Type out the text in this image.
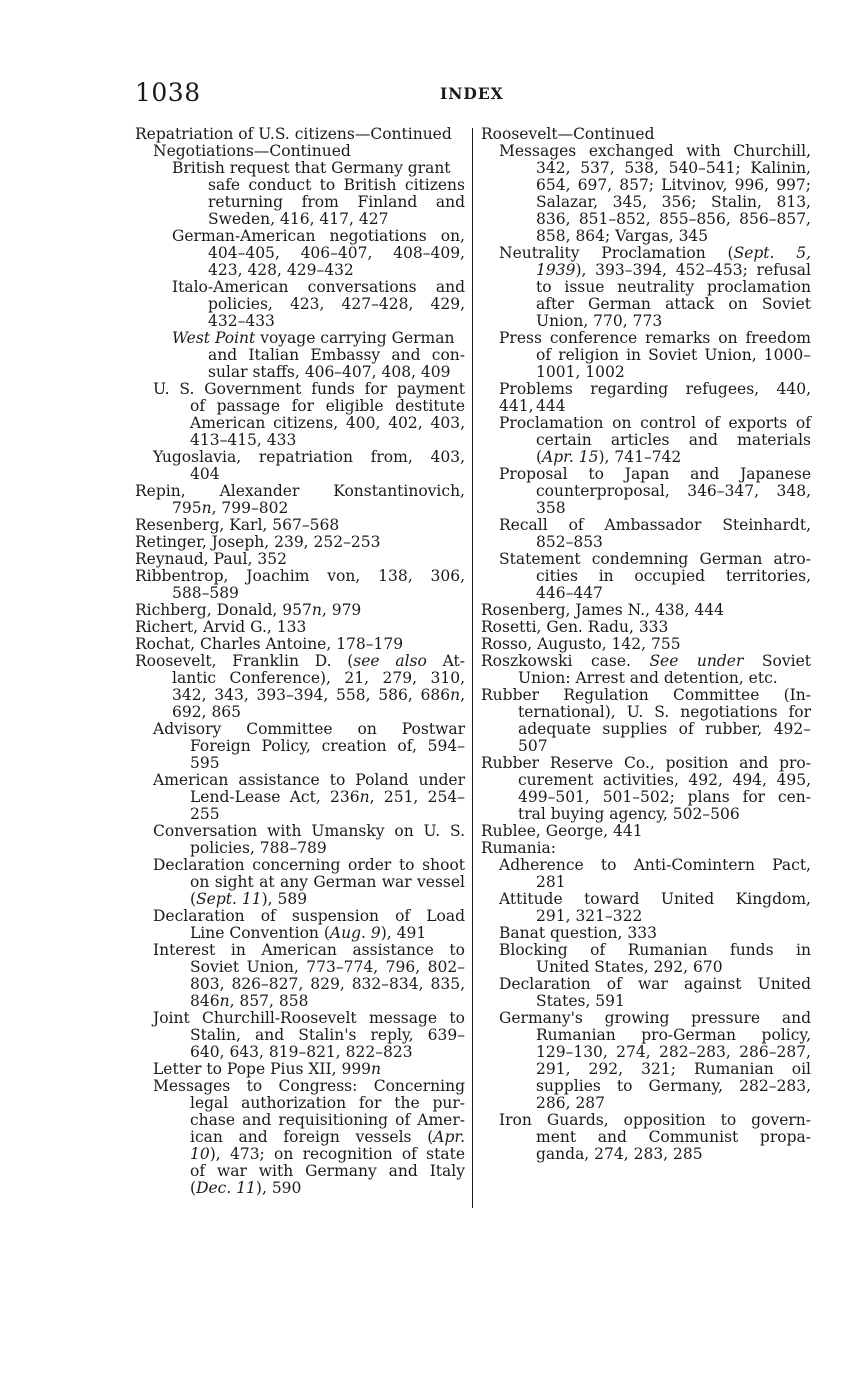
1038	INDEX
Repatriation of U.S. citizens—Continued
Negotiations—Continued
British request that Germany grant
safe conduct to British citizens
returning from Finland and
Sweden, 416, 417, 427
German-American negotiations on,
404–405, 406–407, 408–409,
423, 428, 429–432
Italo-American conversations and
policies, 423, 427–428, 429,
432–433
West Point voyage carrying German
and Italian Embassy and con-
sular staffs, 406–407, 408, 409
U. S. Government funds for payment
of passage for eligible destitute
American citizens, 400, 402, 403,
413–415, 433
Yugoslavia, repatriation from, 403,
404
Repin, Alexander Konstantinovich,
795n, 799–802
Resenberg, Karl, 567–568
Retinger, Joseph, 239, 252–253
Reynaud, Paul, 352
Ribbentrop, Joachim von, 138, 306,
588–589
Richberg, Donald, 957n, 979
Richert, Arvid G., 133
Rochat, Charles Antoine, 178–179
Roosevelt, Franklin D. (see also At-
lantic Conference), 21, 279, 310,
342, 343, 393–394, 558, 586, 686n,
692, 865
Advisory Committee on Postwar
Foreign Policy, creation of, 594–
595
American assistance to Poland under
Lend-Lease Act, 236n, 251, 254–
255
Conversation with Umansky on U. S.
policies, 788–789
Declaration concerning order to shoot
on sight at any German war vessel
(Sept. 11), 589
Declaration of suspension of Load
Line Convention (Aug. 9), 491
Interest in American assistance to
Soviet Union, 773–774, 796, 802–
803, 826–827, 829, 832–834, 835,
846n, 857, 858
Joint Churchill-Roosevelt message to
Stalin, and Stalin's reply, 639–
640, 643, 819–821, 822–823
Letter to Pope Pius XII, 999n
Messages to Congress: Concerning
legal authorization for the pur-
chase and requisitioning of Amer-
ican and foreign vessels (Apr.
10), 473; on recognition of state
of war with Germany and Italy
(Dec. 11), 590
Roosevelt—Continued
Messages exchanged with Churchill,
342, 537, 538, 540–541; Kalinin,
654, 697, 857; Litvinov, 996, 997;
Salazar, 345, 356; Stalin, 813,
836, 851–852, 855–856, 856–857,
858, 864; Vargas, 345
Neutrality Proclamation (Sept. 5,
1939), 393–394, 452–453; refusal
to issue neutrality proclamation
after German attack on Soviet
Union, 770, 773
Press conference remarks on freedom
of religion in Soviet Union, 1000–
1001, 1002
Problems regarding refugees, 440, 441, 444
Proclamation on control of exports of
certain articles and materials
(Apr. 15), 741–742
Proposal to Japan and Japanese
counterproposal, 346–347, 348,
358
Recall of Ambassador Steinhardt,
852–853
Statement condemning German atro-
cities in occupied territories,
446–447
Rosenberg, James N., 438, 444
Rosetti, Gen. Radu, 333
Rosso, Augusto, 142, 755
Roszkowski case. See under Soviet
Union: Arrest and detention, etc.
Rubber Regulation Committee (In-
ternational), U. S. negotiations for
adequate supplies of rubber, 492–
507
Rubber Reserve Co., position and pro-
curement activities, 492, 494, 495,
499–501, 501–502; plans for cen-
tral buying agency, 502–506
Rublee, George, 441
Rumania:
Adherence to Anti-Comintern Pact,
281
Attitude toward United Kingdom,
291, 321–322
Banat question, 333
Blocking of Rumanian funds in
United States, 292, 670
Declaration of war against United
States, 591
Germany's growing pressure and
Rumanian pro-German policy,
129–130, 274, 282–283, 286–287,
291, 292, 321; Rumanian oil
supplies to Germany, 282–283,
286, 287
Iron Guards, opposition to govern-
ment and Communist propa-
ganda, 274, 283, 285
